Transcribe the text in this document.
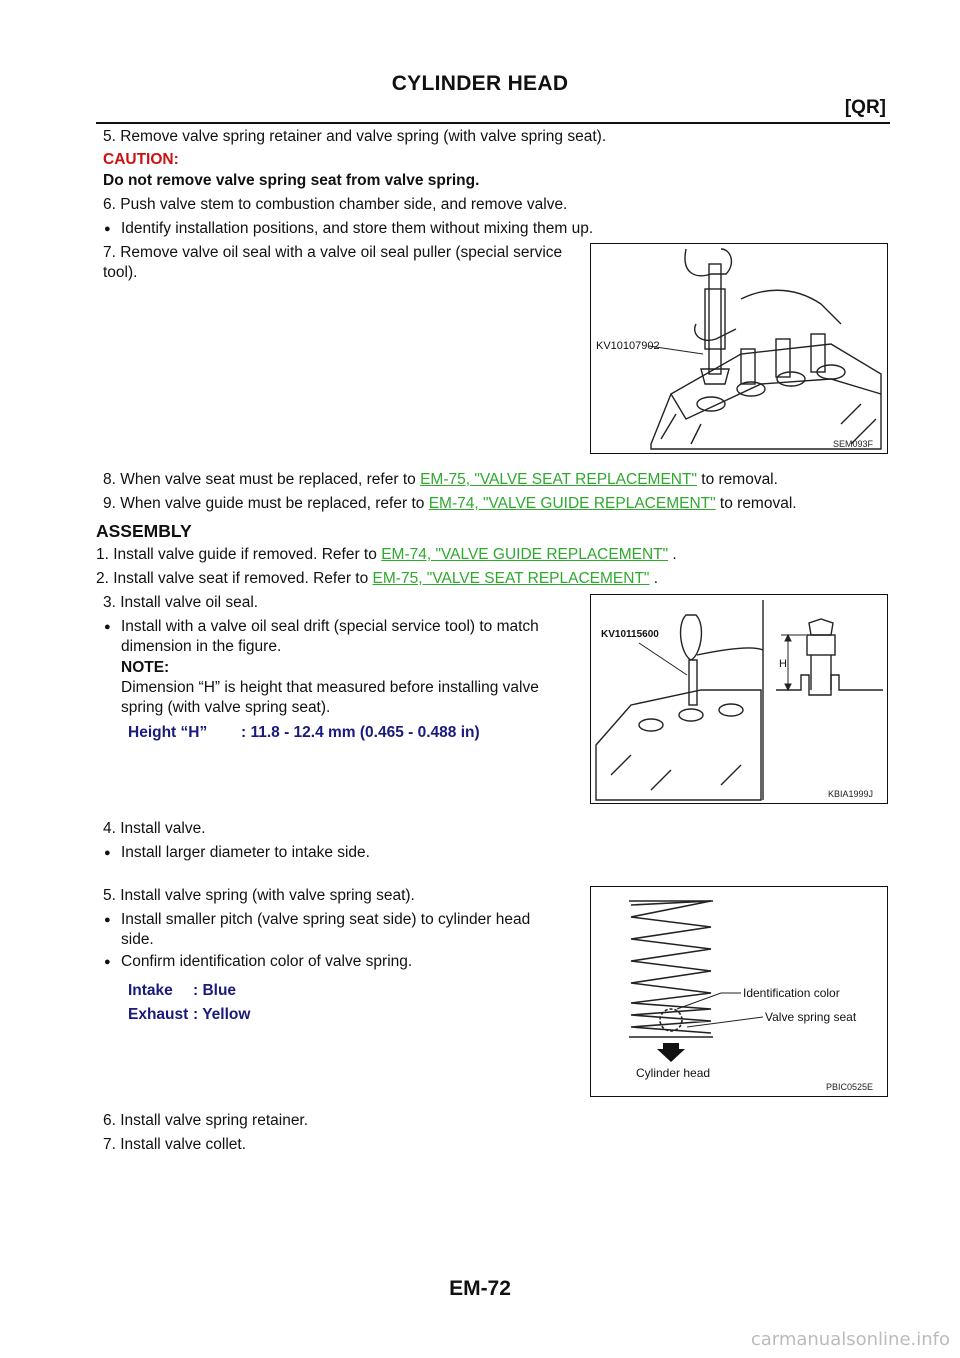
CYLINDER HEAD
[QR]
5. Remove valve spring retainer and valve spring (with valve spring seat).
CAUTION:
Do not remove valve spring seat from valve spring.
6. Push valve stem to combustion chamber side, and remove valve.
● Identify installation positions, and store them without mixing them up.
7. Remove valve oil seal with a valve oil seal puller (special service
tool).
KV10107902
SEM093F
8. When valve seat must be replaced, refer to EM-75, "VALVE SEAT REPLACEMENT" to removal.
9. When valve guide must be replaced, refer to EM-74, "VALVE GUIDE REPLACEMENT" to removal.
ASSEMBLY
1. Install valve guide if removed. Refer to EM-74, "VALVE GUIDE REPLACEMENT" .
2. Install valve seat if removed. Refer to EM-75, "VALVE SEAT REPLACEMENT" .
3. Install valve oil seal.
● Install with a valve oil seal drift (special service tool) to match
dimension in the figure.
NOTE:
Dimension “H” is height that measured before installing valve
spring (with valve spring seat).
Height “H” : 11.8 - 12.4 mm (0.465 - 0.488 in)
H
KV10115600
KBIA1999J
4. Install valve.
● Install larger diameter to intake side.
5. Install valve spring (with valve spring seat).
● Install smaller pitch (valve spring seat side) to cylinder head
side.
● Confirm identification color of valve spring.
Intake : Blue
Exhaust : Yellow
Identification color
Valve spring seat
Cylinder head
PBIC0525E
6. Install valve spring retainer.
7. Install valve collet.
EM-72
carmanualsonline.info
